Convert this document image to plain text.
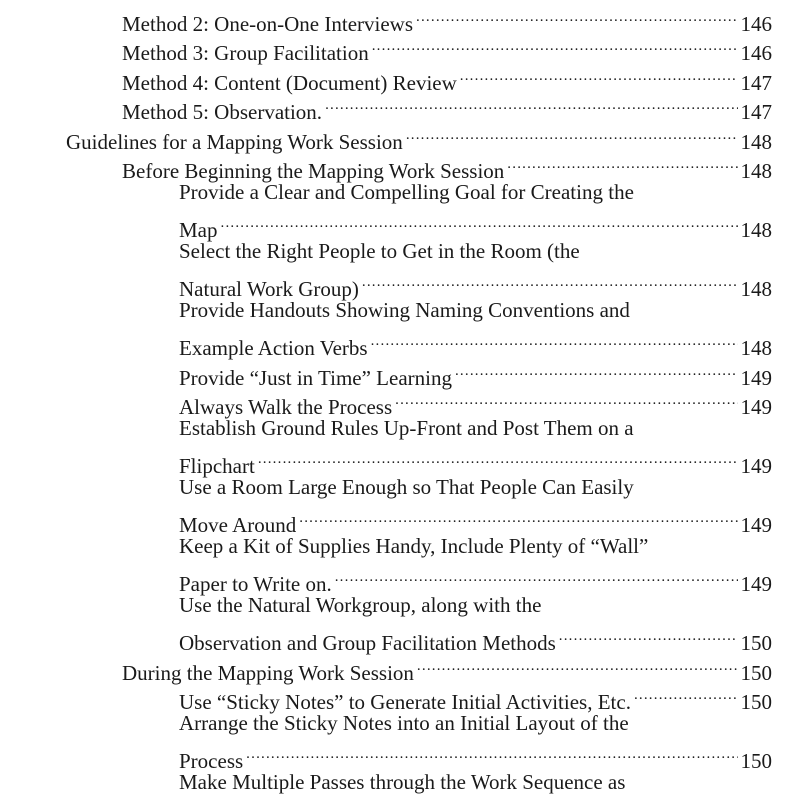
Method 2: One-on-One Interviews .....	146
Method 3: Group Facilitation .....	146
Method 4: Content (Document) Review .....	147
Method 5: Observation. .....	147
Guidelines for a Mapping Work Session .....	148
Before Beginning the Mapping Work Session .....	148
Provide a Clear and Compelling Goal for Creating the
Map .....	148
Select the Right People to Get in the Room (the
Natural Work Group) .....	148
Provide Handouts Showing Naming Conventions and
Example Action Verbs .....	148
Provide “Just in Time” Learning .....	149
Always Walk the Process .....	149
Establish Ground Rules Up-Front and Post Them on a
Flipchart .....	149
Use a Room Large Enough so That People Can Easily
Move Around .....	149
Keep a Kit of Supplies Handy, Include Plenty of “Wall”
Paper to Write on. .....	149
Use the Natural Workgroup, along with the
Observation and Group Facilitation Methods .....	150
During the Mapping Work Session .....	150
Use “Sticky Notes” to Generate Initial Activities, Etc. .....	150
Arrange the Sticky Notes into an Initial Layout of the
Process .....	150
Make Multiple Passes through the Work Sequence as
